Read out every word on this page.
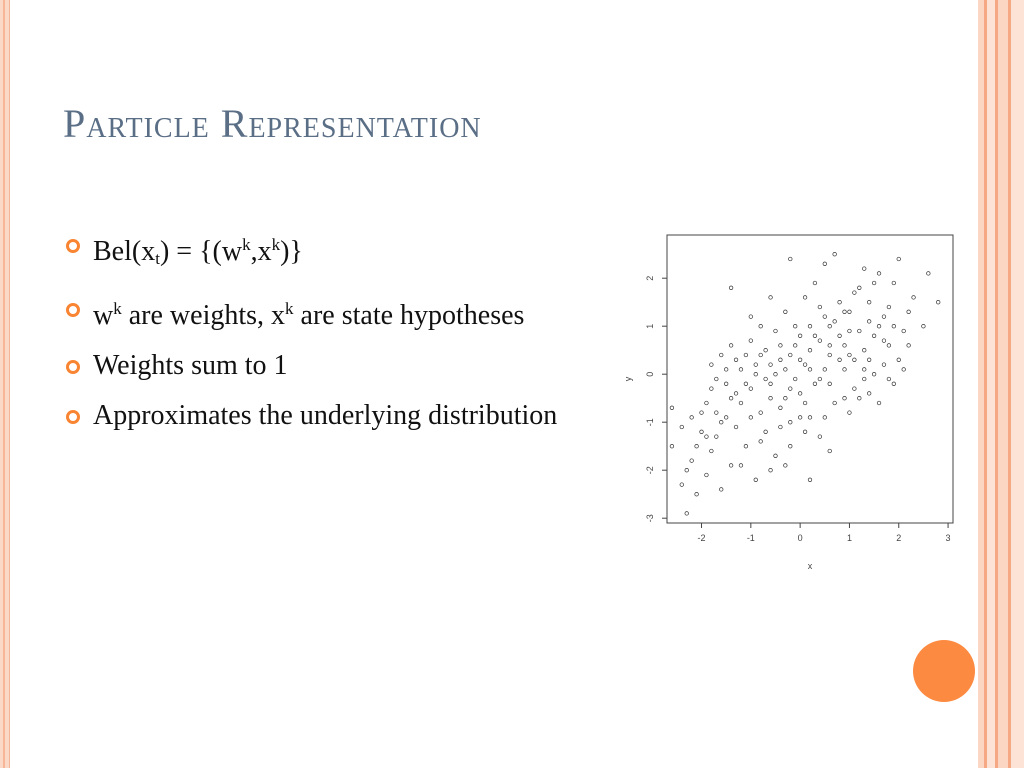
Particle Representation
$Bel(x_t) = \{(w^k,x^k)\}$
$w^k$ are weights, $x^k$ are state hypotheses
Weights sum to 1
Approximates the underlying distribution
-2	-1	0	1	2	3
-3
-2
-1
0
1
2
x
y
